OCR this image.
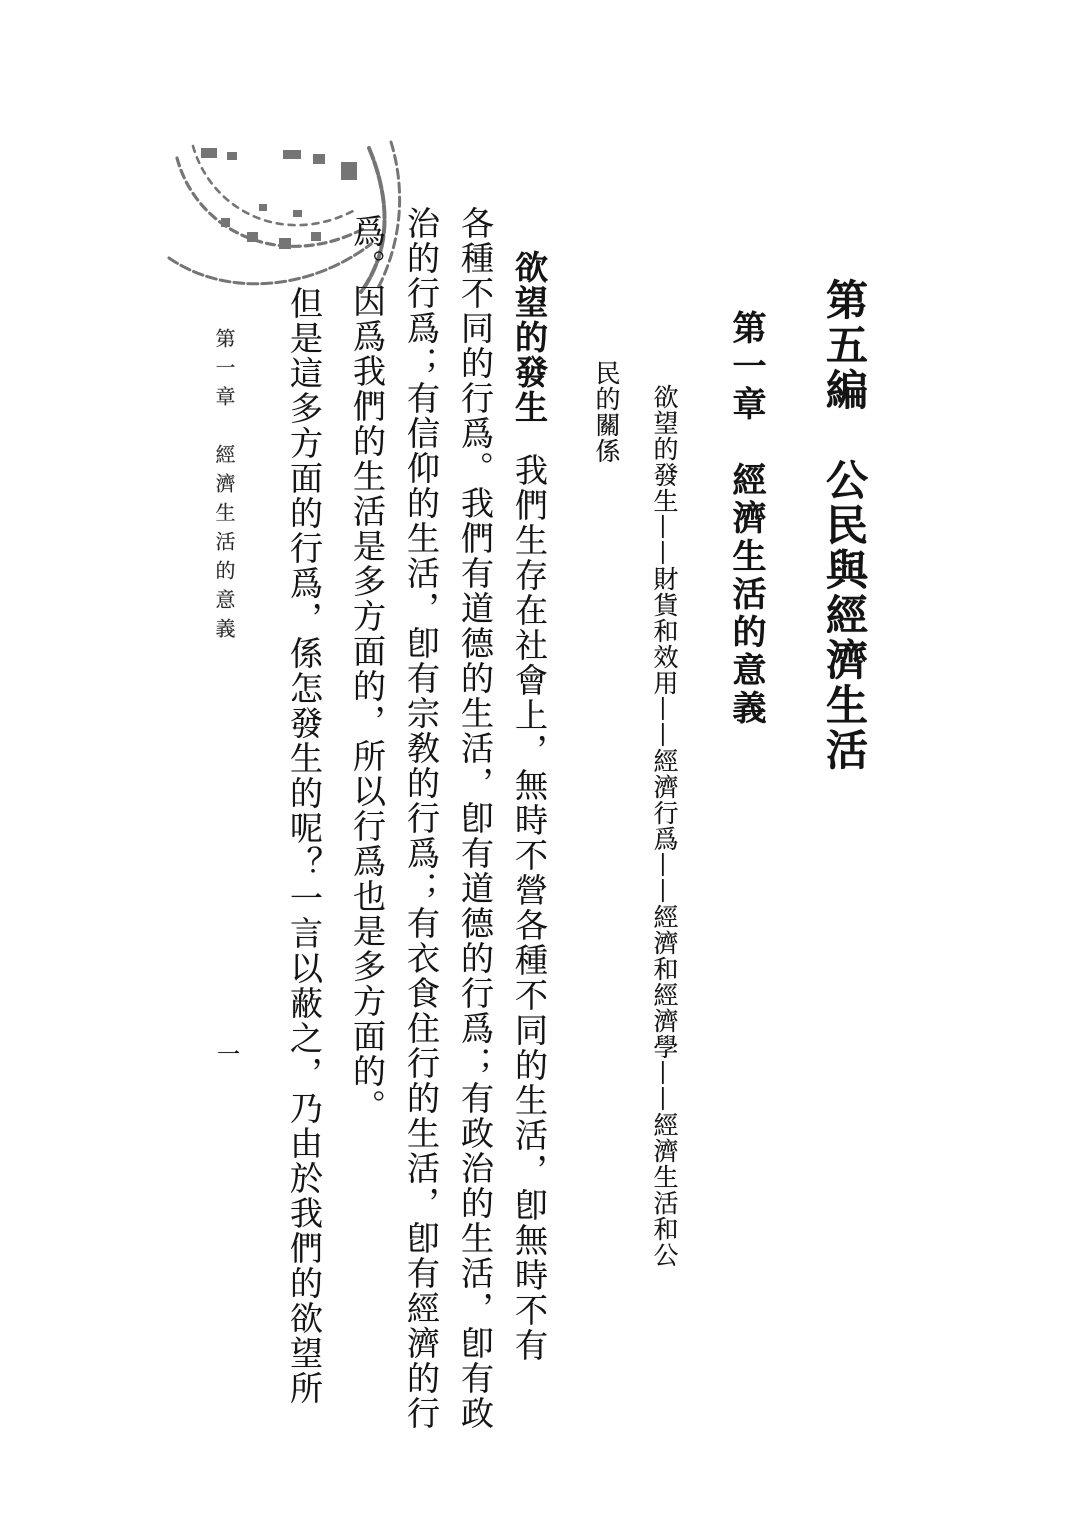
第五編　公民與經濟生活
第一章　經濟生活的意義
欲望的發生——財貨和效用——經濟行爲——經濟和經濟學——經濟生活和公
民的關係
欲望的發生我們生存在社會上，無時不營各種不同的生活，卽無時不有
各種不同的行爲。我們有道德的生活，卽有道德的行爲；有政治的生活，卽有政
治的行爲；有信仰的生活，卽有宗敎的行爲；有衣食住行的生活，卽有經濟的行
爲。因爲我們的生活是多方面的，所以行爲也是多方面的。
但是這多方面的行爲，係怎發生的呢？一言以蔽之，乃由於我們的欲望所
第一章　經濟生活的意義
一
